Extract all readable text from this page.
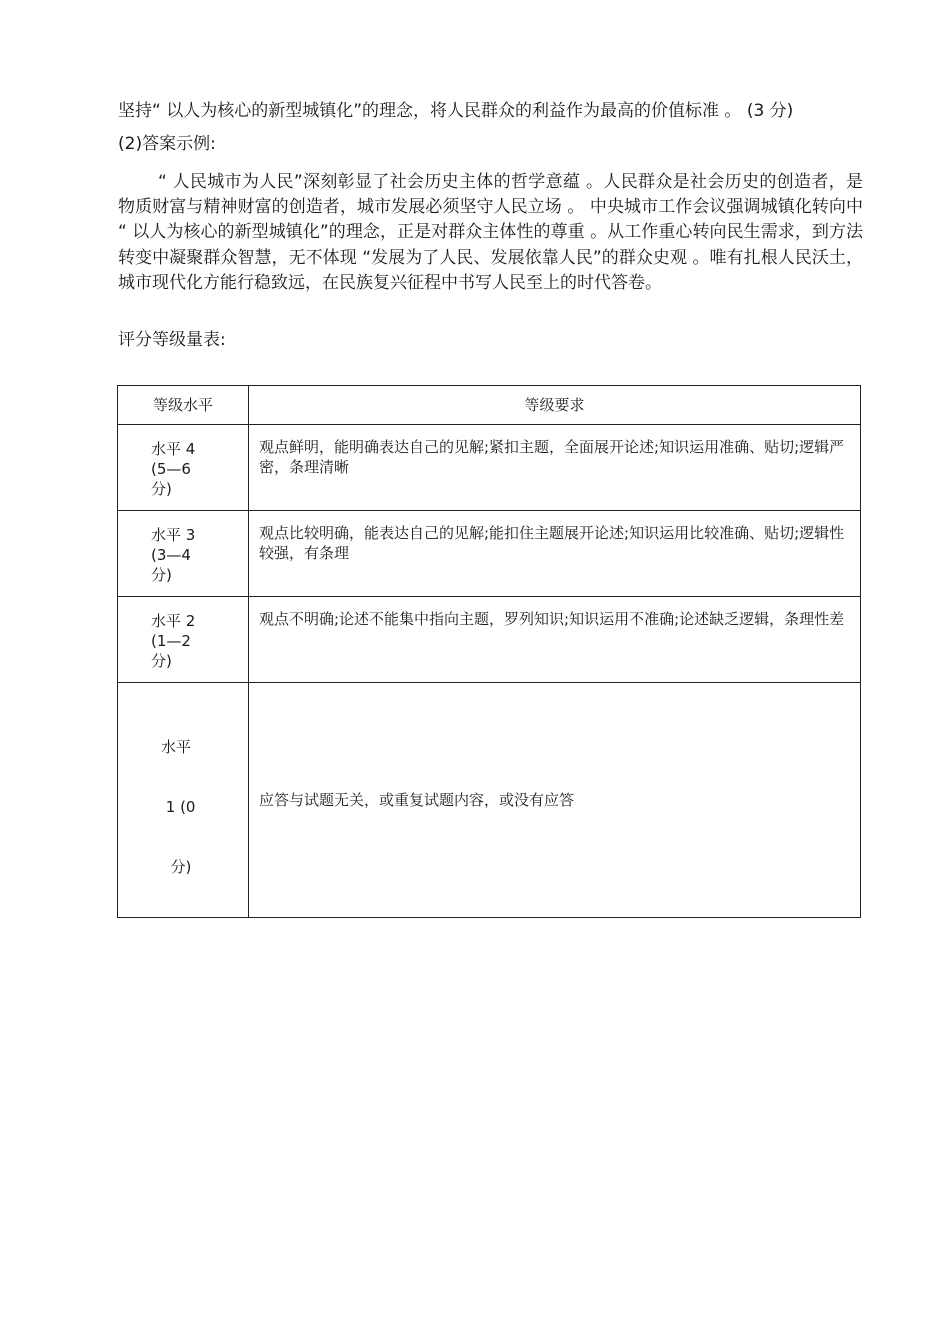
坚持“ 以人为核心的新型城镇化”的理念，将人民群众的利益作为最高的价值标准 。 (3 分)
(2)答案示例:
“ 人民城市为人民”深刻彰显了社会历史主体的哲学意蕴 。人民群众是社会历史的创造者，是物质财富与精神财富的创造者，城市发展必须坚守人民立场 。 中央城市工作会议强调城镇化转向中 “ 以人为核心的新型城镇化”的理念，正是对群众主体性的尊重 。从工作重心转向民生需求，到方法转变中凝聚群众智慧，无不体现 “发展为了人民、发展依靠人民”的群众史观 。唯有扎根人民沃土，城市现代化方能行稳致远，在民族复兴征程中书写人民至上的时代答卷。
评分等级量表:
等级水平	等级要求

水平 4
(5—6
分)	观点鲜明，能明确表达自己的见解;紧扣主题，全面展开论述;知识运用准确、贴切;逻辑严密，条理清晰

水平 3
(3—4
分)	观点比较明确，能表达自己的见解;能扣住主题展开论述;知识运用比较准确、贴切;逻辑性较强，有条理

水平 2
(1—2
分)	观点不明确;论述不能集中指向主题，罗列知识;知识运用不准确;论述缺乏逻辑，条理性差

水平

1 (0

分)	应答与试题无关，或重复试题内容，或没有应答
